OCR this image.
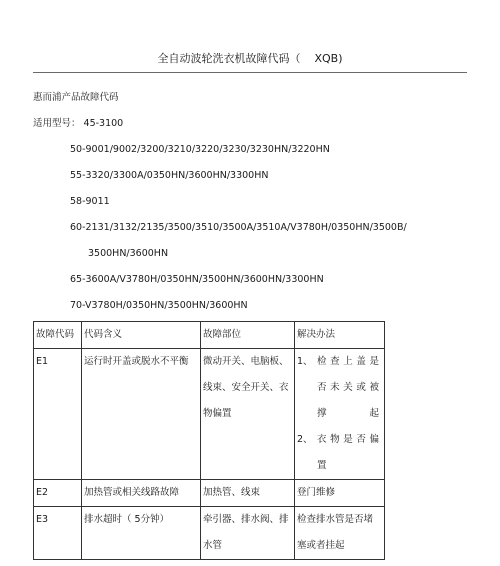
全自动波轮洗衣机故障代码（    XQB)
惠而浦产品故障代码
适用型号： 45-3100
50-9001/9002/3200/3210/3220/3230/3230HN/3220HN
55-3320/3300A/0350HN/3600HN/3300HN
58-9011
60-2131/3132/2135/3500/3510/3500A/3510A/V3780H/0350HN/3500B/
3500HN/3600HN
65-3600A/V3780H/0350HN/3500HN/3600HN/3300HN
70-V3780H/0350HN/3500HN/3600HN
故障代码	代码含义	故障部位	解决办法

E1	运行时开盖或脱水不平衡	微动开关、电脑板、线束、安全开关、衣物偏置	1、 检查上盖是否未关或被撑起
2、 衣物是否偏置

E2	加热管或相关线路故障	加热管、线束	登门维修

E3	排水超时（ 5分钟）	牵引器、排水阀、排水管	检查排水管是否堵塞或者挂起
